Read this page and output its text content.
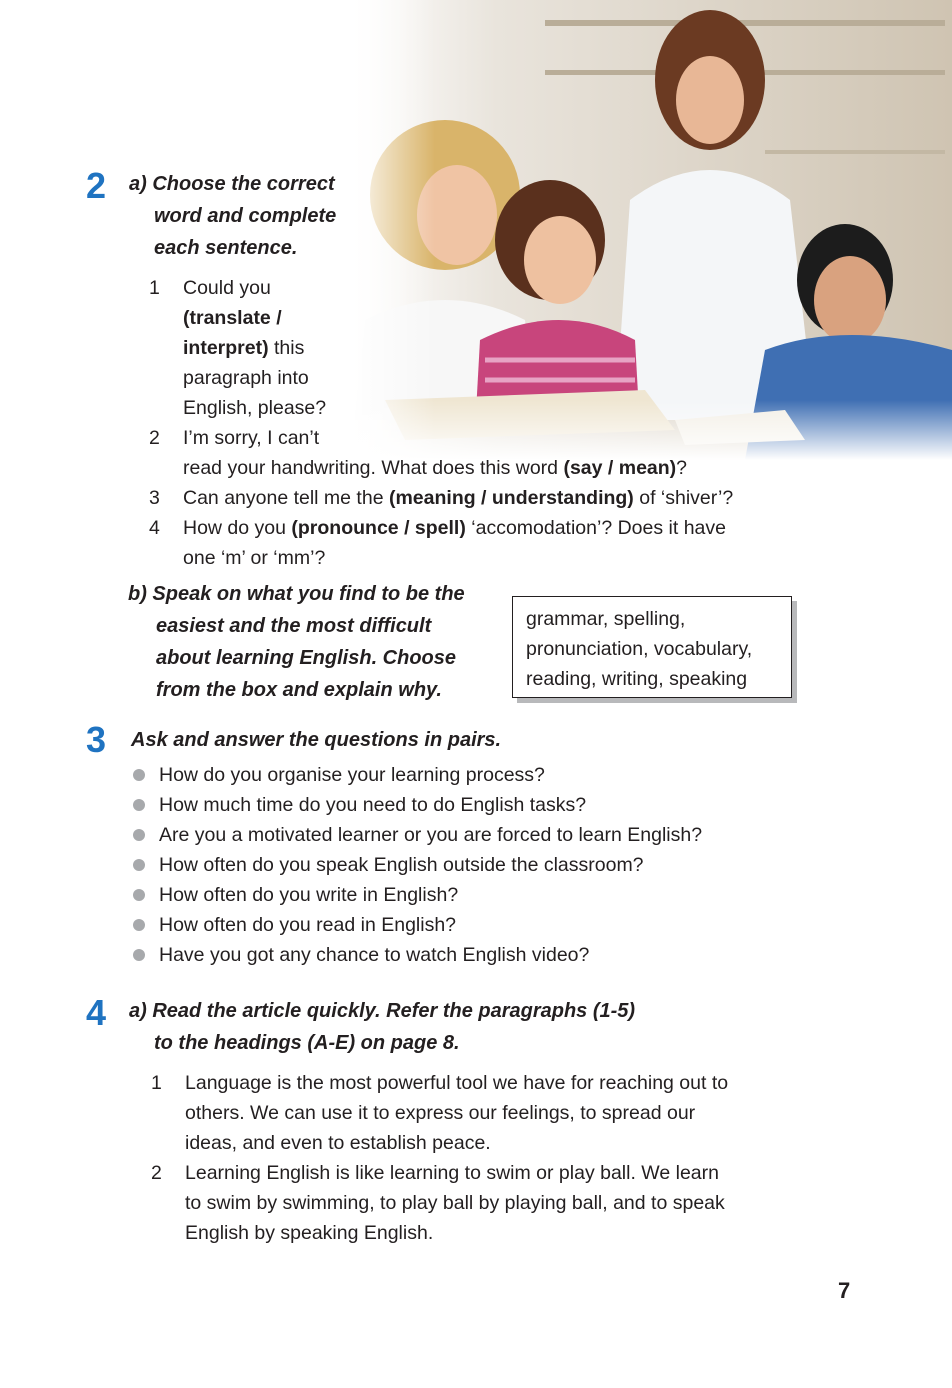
2 a) Choose the correct
word and complete
each sentence.
1 Could you
(translate /
interpret) this
paragraph into
English, please?
2 I’m sorry, I can’t
read your handwriting. What does this word (say / mean)?
3 Can anyone tell me the (meaning / understanding) of ‘shiver’?
4 How do you (pronounce / spell) ‘accomodation’? Does it have
one ‘m’ or ‘mm’?
b) Speak on what you find to be the
easiest and the most difficult
about learning English. Choose
from the box and explain why.
grammar, spelling,
pronunciation, vocabulary,
reading, writing, speaking
3 Ask and answer the questions in pairs.
How do you organise your learning process?
How much time do you need to do English tasks?
Are you a motivated learner or you are forced to learn English?
How often do you speak English outside the classroom?
How often do you write in English?
How often do you read in English?
Have you got any chance to watch English video?
4 a) Read the article quickly. Refer the paragraphs (1-5)
to the headings (A-E) on page 8.
1 Language is the most powerful tool we have for reaching out to
others. We can use it to express our feelings, to spread our
ideas, and even to establish peace.
2 Learning English is like learning to swim or play ball. We learn
to swim by swimming, to play ball by playing ball, and to speak
English by speaking English.
7
